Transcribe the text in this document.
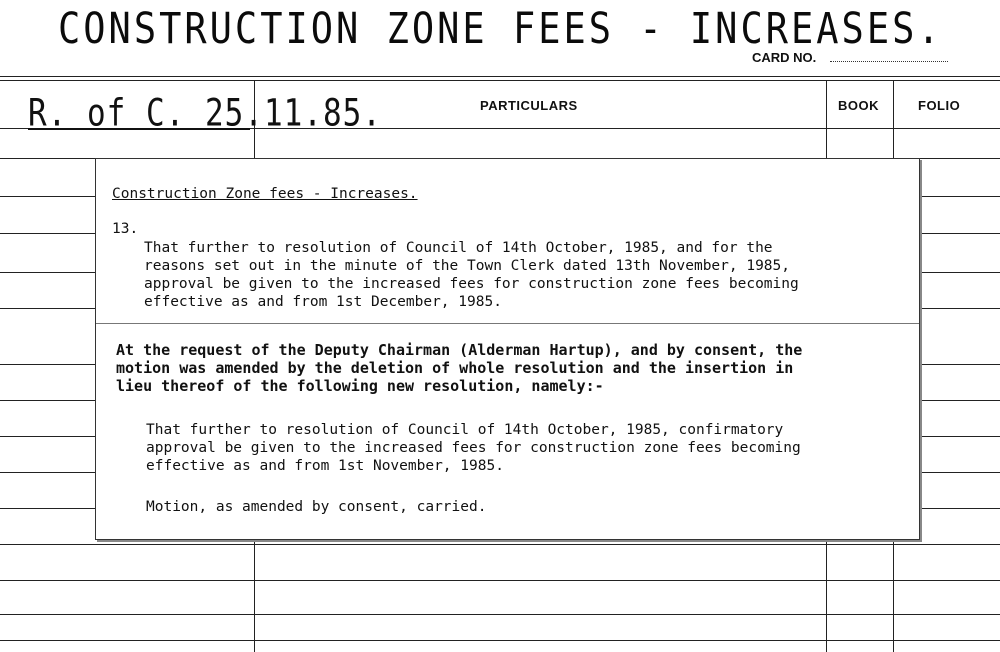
CONSTRUCTION ZONE FEES - INCREASES.
CARD NO.
R. of C. 25.11.85.	PARTICULARS	BOOK	FOLIO
Construction Zone fees - Increases.
13.
That further to resolution of Council of 14th October, 1985, and for the
reasons set out in the minute of the Town Clerk dated 13th November, 1985,
approval be given to the increased fees for construction zone fees becoming
effective as and from 1st December, 1985.
At the request of the Deputy Chairman (Alderman Hartup), and by consent, the
motion was amended by the deletion of whole resolution and the insertion in
lieu thereof of the following new resolution, namely:-
That further to resolution of Council of 14th October, 1985, confirmatory
approval be given to the increased fees for construction zone fees becoming
effective as and from 1st November, 1985.
Motion, as amended by consent, carried.
